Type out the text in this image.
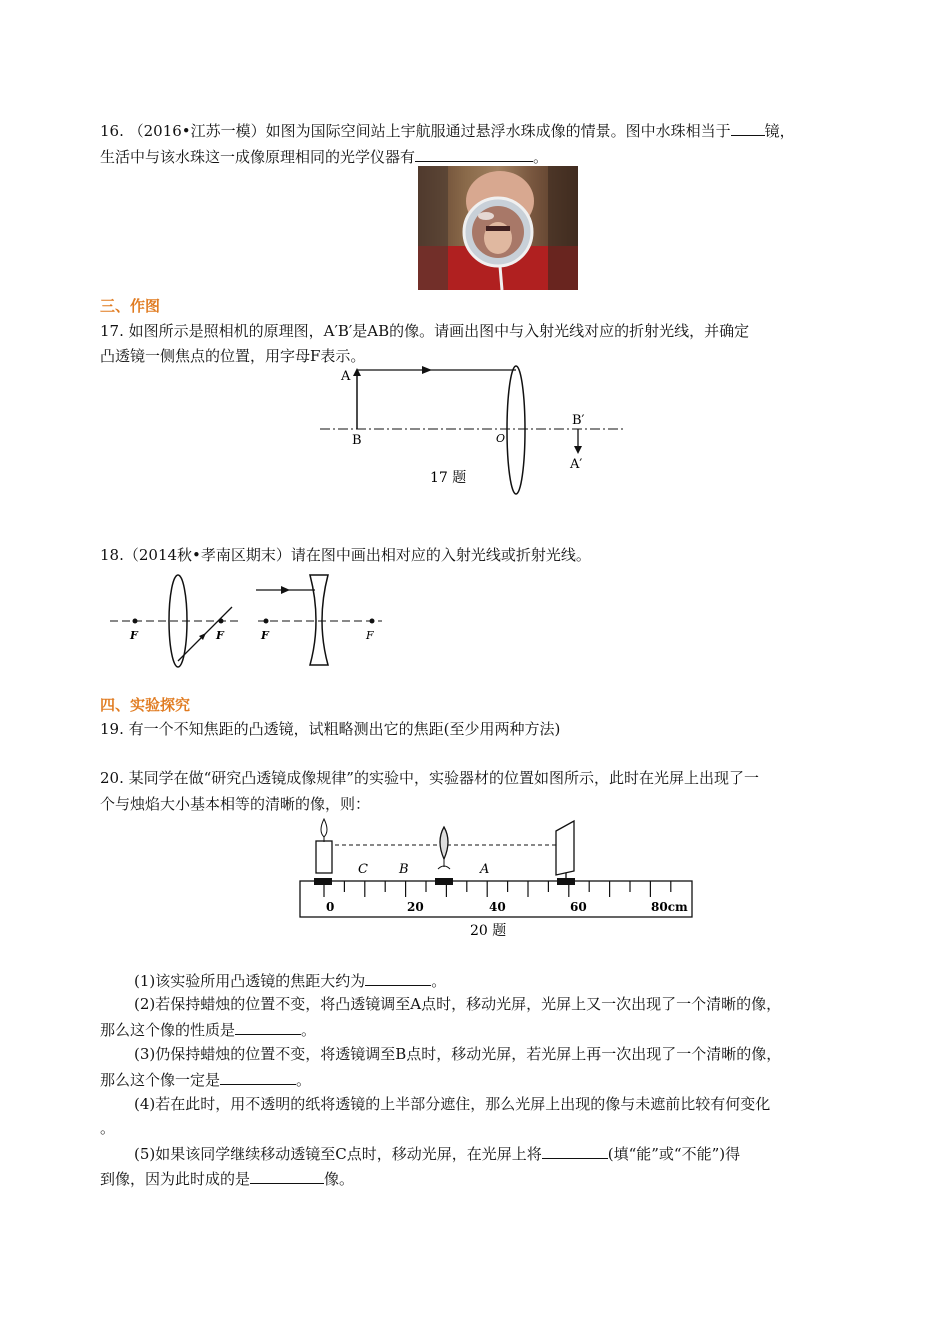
16. （2016•江苏一模）如图为国际空间站上宇航服通过悬浮水珠成像的情景。图中水珠相当于 镜，
生活中与该水珠这一成像原理相同的光学仪器有	。
三、作图
17. 如图所示是照相机的原理图，A′B′是AB的像。请画出图中与入射光线对应的折射光线，并确定
凸透镜一侧焦点的位置，用字母F表示。
A
B	O
B′
A′
17 题
18.（2014秋•孝南区期末）请在图中画出相对应的入射光线或折射光线。
F	F	F	F
四、实验探究
19. 有一个不知焦距的凸透镜，试粗略测出它的焦距(至少用两种方法)
20. 某同学在做“研究凸透镜成像规律”的实验中，实验器材的位置如图所示，此时在光屏上出现了一
个与烛焰大小基本相等的清晰的像，则：
C B	A
0	20	40	60	80cm
20 题
(1)该实验所用凸透镜的焦距大约为	。
(2)若保持蜡烛的位置不变，将凸透镜调至A点时，移动光屏，光屏上又一次出现了一个清晰的像，
那么这个像的性质是	。
(3)仍保持蜡烛的位置不变，将透镜调至B点时，移动光屏，若光屏上再一次出现了一个清晰的像，
那么这个像一定是	。
(4)若在此时，用不透明的纸将透镜的上半部分遮住，那么光屏上出现的像与未遮前比较有何变化
。
(5)如果该同学继续移动透镜至C点时，移动光屏，在光屏上将	(填“能”或“不能”)得
到像，因为此时成的是	像。
